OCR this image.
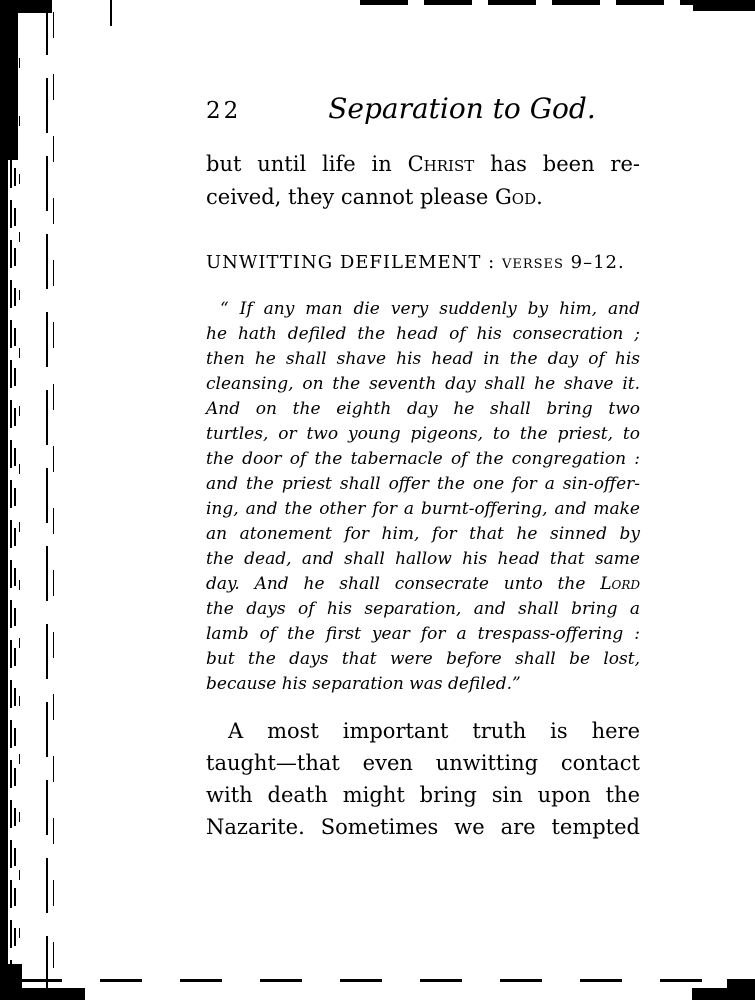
22	Separation to God.
but until life in Christ has been re-
ceived, they cannot please God.
UNWITTING DEFILEMENT : verses 9–12.
“ If any man die very suddenly by him, and
he hath defiled the head of his consecration ;
then he shall shave his head in the day of his
cleansing, on the seventh day shall he shave it.
And on the eighth day he shall bring two
turtles, or two young pigeons, to the priest, to
the door of the tabernacle of the congregation :
and the priest shall offer the one for a sin-offer-
ing, and the other for a burnt-offering, and make
an atonement for him, for that he sinned by
the dead, and shall hallow his head that same
day. And he shall consecrate unto the Lord
the days of his separation, and shall bring a
lamb of the first year for a trespass-offering :
but the days that were before shall be lost,
because his separation was defiled.”
A most important truth is here
taught—that even unwitting contact
with death might bring sin upon the
Nazarite. Sometimes we are tempted
